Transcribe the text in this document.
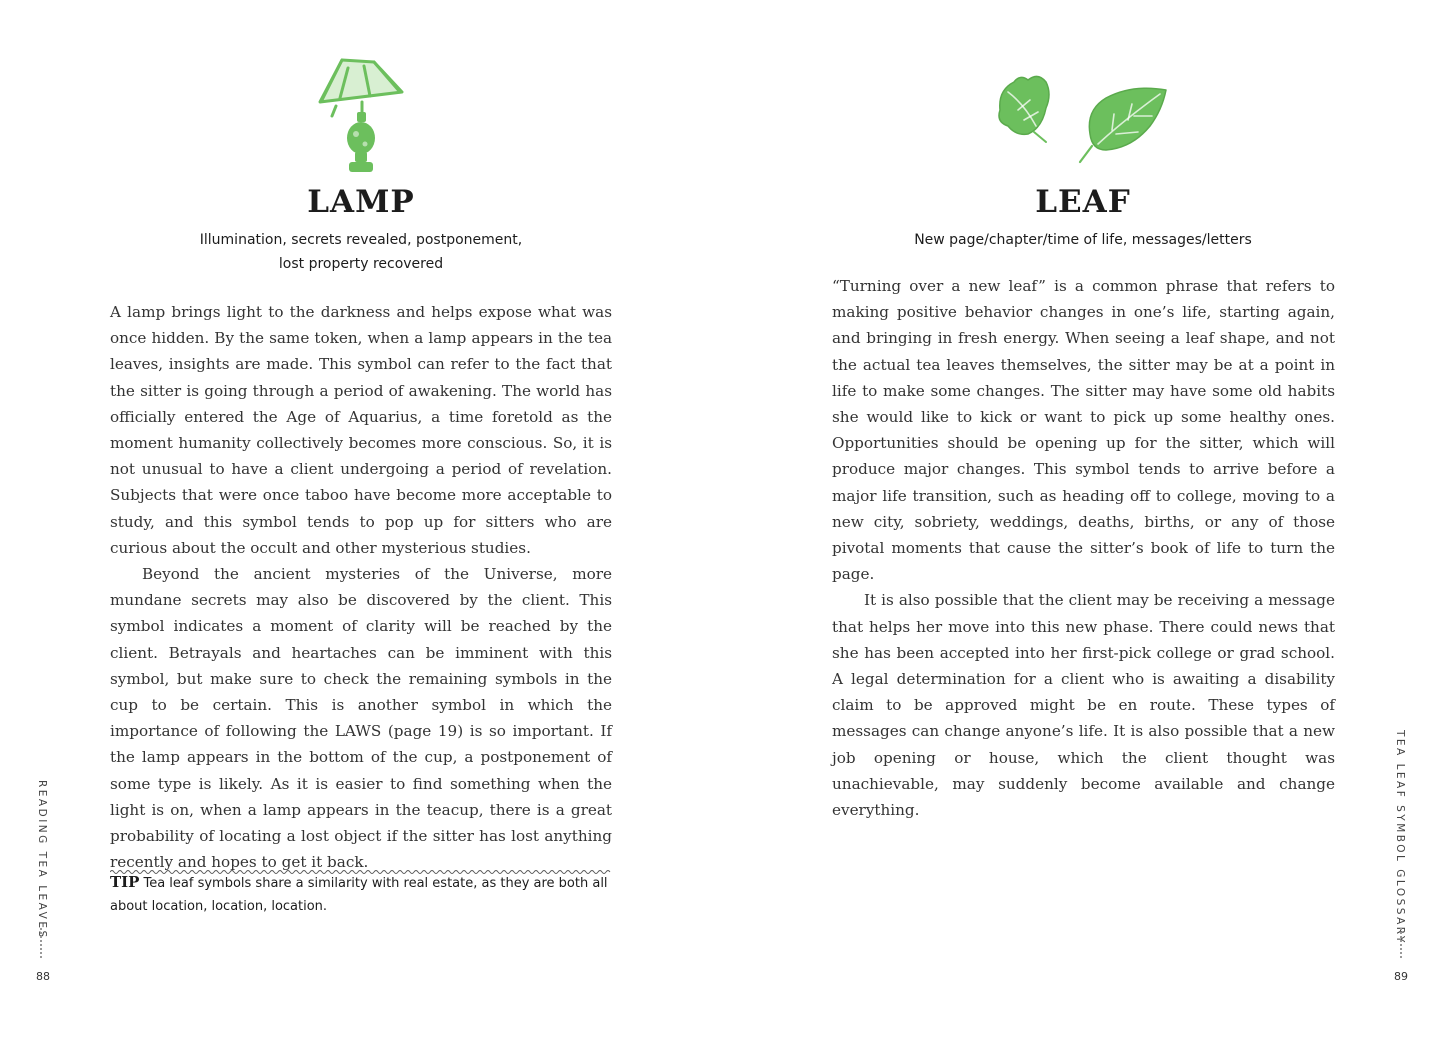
LAMP
Illumination, secrets revealed, postponement,
lost property recovered

A lamp brings light to the darkness and helps expose what was once hidden. By the same token, when a lamp appears in the tea leaves, insights are made. This symbol can refer to the fact that the sitter is going through a period of awakening. The world has officially entered the Age of Aquarius, a time foretold as the moment humanity collectively becomes more conscious. So, it is not unusual to have a client undergoing a period of revelation. Subjects that were once taboo have become more acceptable to study, and this symbol tends to pop up for sitters who are curious about the occult and other mysterious studies.

Beyond the ancient mysteries of the Universe, more mundane secrets may also be discovered by the client. This symbol indicates a moment of clarity will be reached by the client. Betrayals and heartaches can be imminent with this symbol, but make sure to check the remaining symbols in the cup to be certain. This is another symbol in which the importance of following the LAWS (page 19) is so important. If the lamp appears in the bottom of the cup, a postponement of some type is likely. As it is easier to find something when the light is on, when a lamp appears in the teacup, there is a great probability of locating a lost object if the sitter has lost anything recently and hopes to get it back.

TIP Tea leaf symbols share a similarity with real estate, as they are both all about location, location, location.
READING TEA LEAVES
88
LEAF
New page/chapter/time of life, messages/letters

“Turning over a new leaf” is a common phrase that refers to making positive behavior changes in one’s life, starting again, and bringing in fresh energy. When seeing a leaf shape, and not the actual tea leaves themselves, the sitter may be at a point in life to make some changes. The sitter may have some old habits she would like to kick or want to pick up some healthy ones. Opportunities should be opening up for the sitter, which will produce major changes. This symbol tends to arrive before a major life transition, such as heading off to college, moving to a new city, sobriety, weddings, deaths, births, or any of those pivotal moments that cause the sitter’s book of life to turn the page.

It is also possible that the client may be receiving a message that helps her move into this new phase. There could news that she has been accepted into her first-pick college or grad school. A legal determination for a client who is awaiting a disability claim to be approved might be en route. These types of messages can change anyone’s life. It is also possible that a new job opening or house, which the client thought was unachievable, may suddenly become available and change everything.	TEA LEAF SYMBOL GLOSSARY
89
